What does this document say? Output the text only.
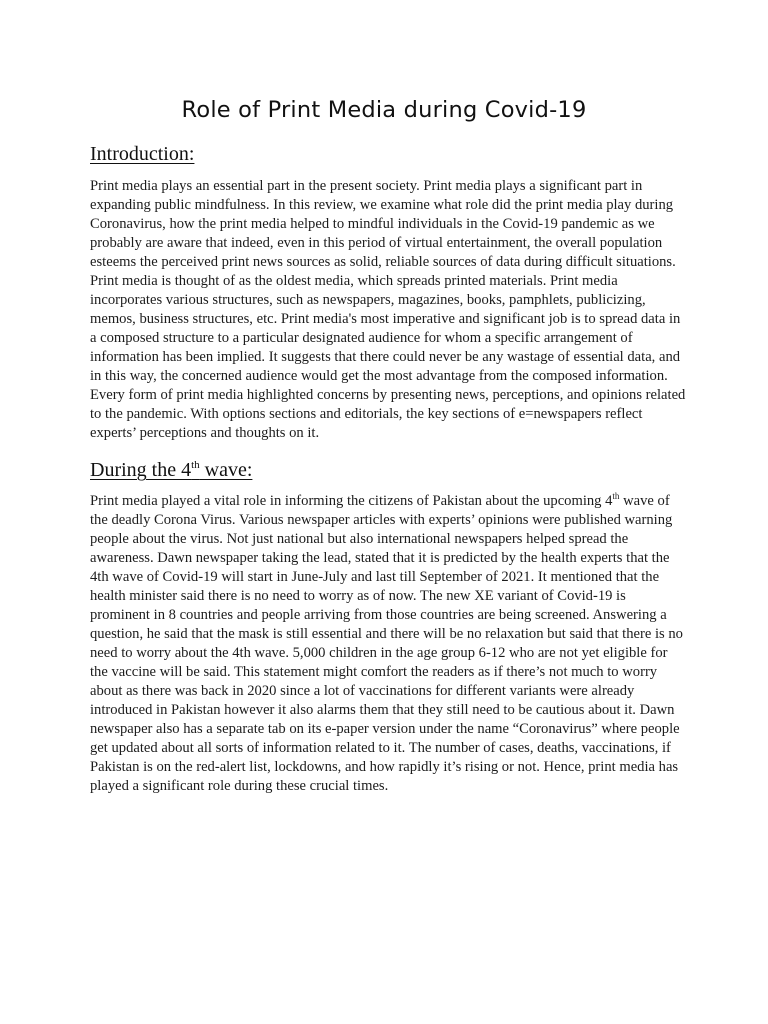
Role of Print Media during Covid-19
Introduction:

Print media plays an essential part in the present society. Print media plays a significant part in expanding public mindfulness. In this review, we examine what role did the print media play during Coronavirus, how the print media helped to mindful individuals in the Covid-19 pandemic as we probably are aware that indeed, even in this period of virtual entertainment, the overall population esteems the perceived print news sources as solid, reliable sources of data during difficult situations. Print media is thought of as the oldest media, which spreads printed materials. Print media incorporates various structures, such as newspapers, magazines, books, pamphlets, publicizing, memos, business structures, etc. Print media's most imperative and significant job is to spread data in a composed structure to a particular designated audience for whom a specific arrangement of information has been implied. It suggests that there could never be any wastage of essential data, and in this way, the concerned audience would get the most advantage from the composed information. Every form of print media highlighted concerns by presenting news, perceptions, and opinions related to the pandemic. With options sections and editorials, the key sections of e=newspapers reflect experts’ perceptions and thoughts on it.

During the 4th wave:

Print media played a vital role in informing the citizens of Pakistan about the upcoming 4th wave of the deadly Corona Virus. Various newspaper articles with experts’ opinions were published warning people about the virus. Not just national but also international newspapers helped spread the awareness. Dawn newspaper taking the lead, stated that it is predicted by the health experts that the 4th wave of Covid-19 will start in June-July and last till September of 2021. It mentioned that the health minister said there is no need to worry as of now. The new XE variant of Covid-19 is prominent in 8 countries and people arriving from those countries are being screened. Answering a question, he said that the mask is still essential and there will be no relaxation but said that there is no need to worry about the 4th wave. 5,000 children in the age group 6-12 who are not yet eligible for the vaccine will be said. This statement might comfort the readers as if there’s not much to worry about as there was back in 2020 since a lot of vaccinations for different variants were already introduced in Pakistan however it also alarms them that they still need to be cautious about it. Dawn newspaper also has a separate tab on its e-paper version under the name “Coronavirus” where people get updated about all sorts of information related to it. The number of cases, deaths, vaccinations, if Pakistan is on the red-alert list, lockdowns, and how rapidly it’s rising or not. Hence, print media has played a significant role during these crucial times.
